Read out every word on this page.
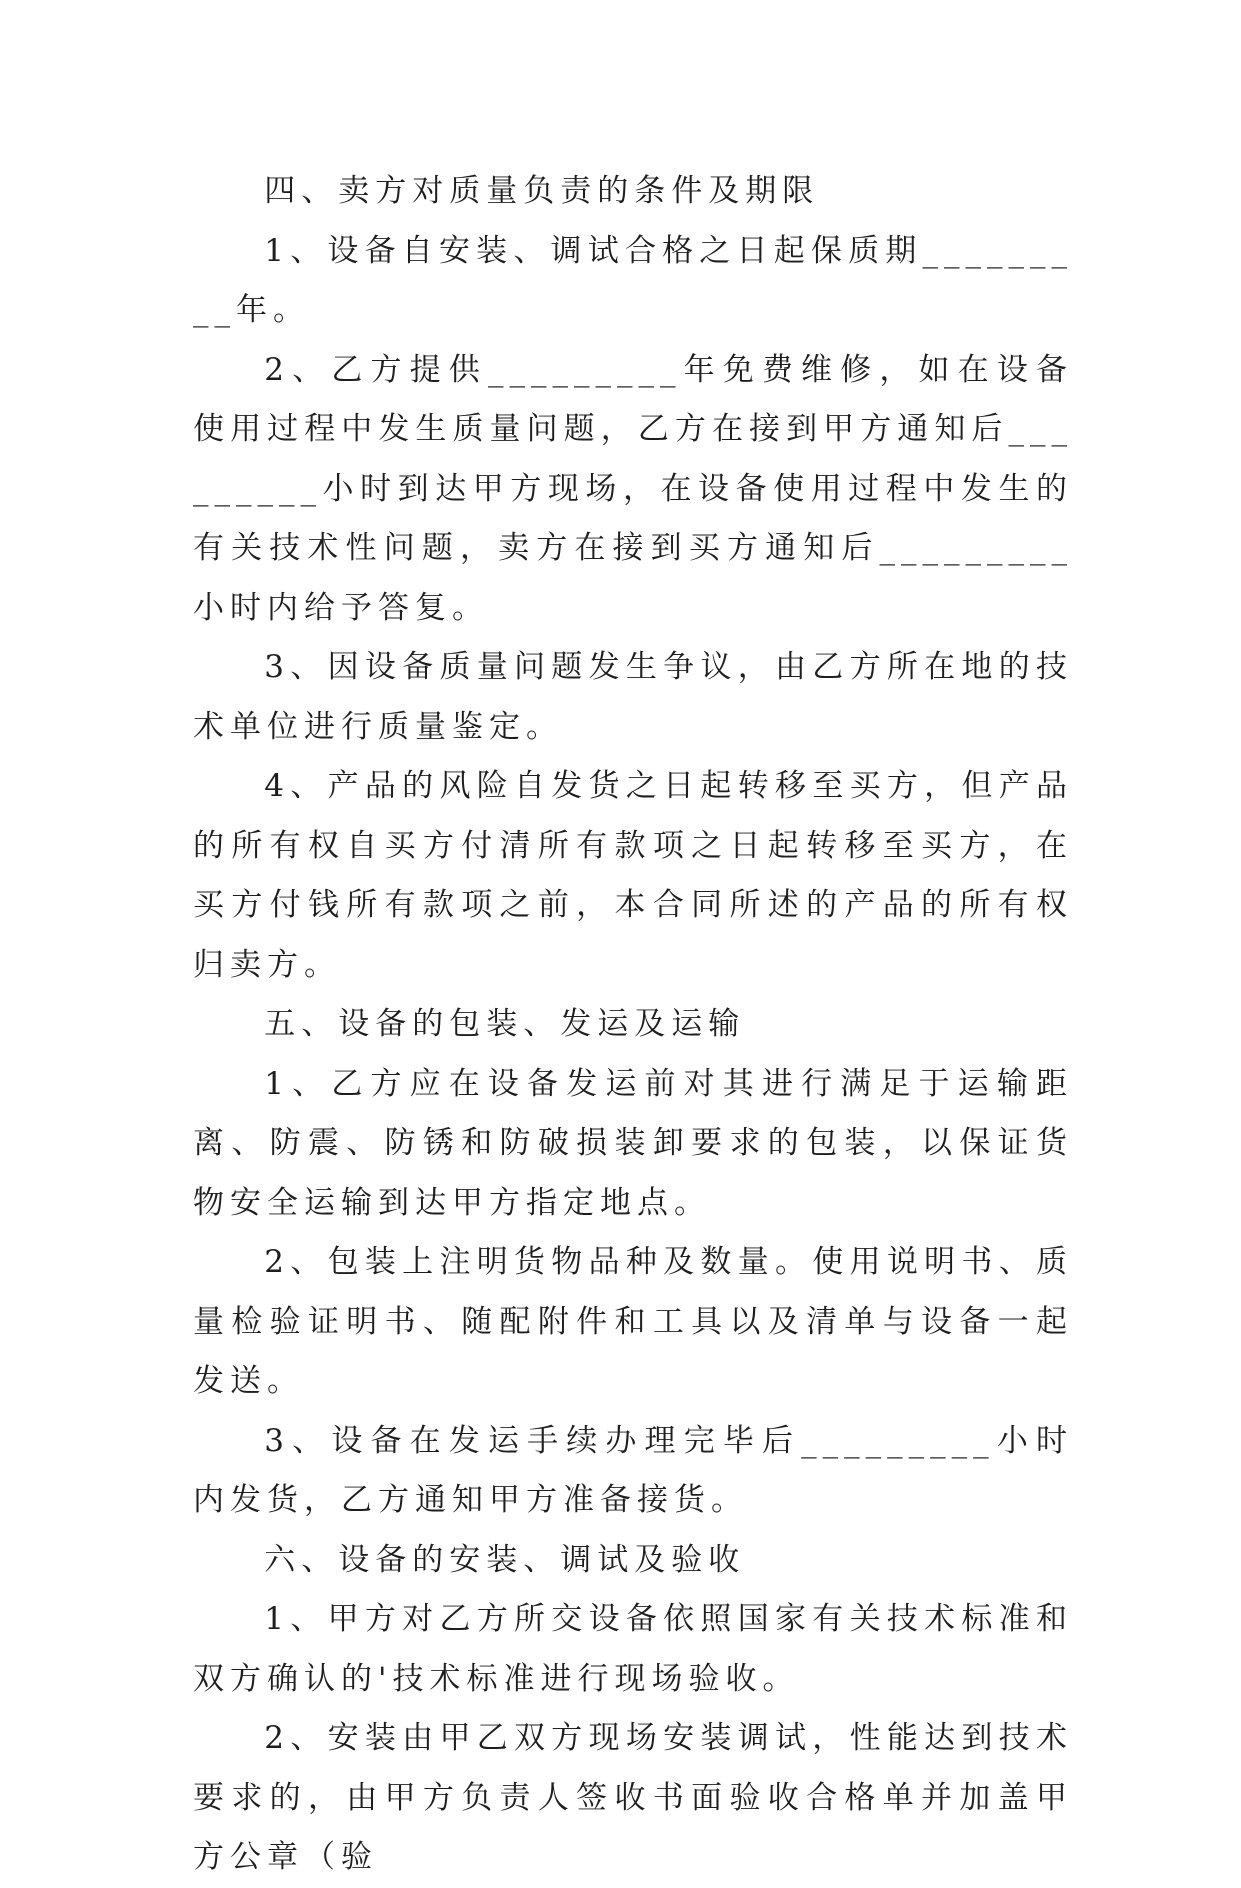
四、卖方对质量负责的条件及期限

1、设备自安装、调试合格之日起保质期_________年。

2、乙方提供_________年免费维修，如在设备使用过程中发生质量问题，乙方在接到甲方通知后_________小时到达甲方现场，在设备使用过程中发生的有关技术性问题，卖方在接到买方通知后_________小时内给予答复。

3、因设备质量问题发生争议，由乙方所在地的技术单位进行质量鉴定。

4、产品的风险自发货之日起转移至买方，但产品的所有权自买方付清所有款项之日起转移至买方，在买方付钱所有款项之前，本合同所述的产品的所有权归卖方。

五、设备的包装、发运及运输

1、乙方应在设备发运前对其进行满足于运输距离、防震、防锈和防破损装卸要求的包装，以保证货物安全运输到达甲方指定地点。

2、包装上注明货物品种及数量。使用说明书、质量检验证明书、随配附件和工具以及清单与设备一起发送。

3、设备在发运手续办理完毕后_________小时内发货，乙方通知甲方准备接货。

六、设备的安装、调试及验收

1、甲方对乙方所交设备依照国家有关技术标准和双方确认的'技术标准进行现场验收。

2、安装由甲乙双方现场安装调试，性能达到技术要求的，由甲方负责人签收书面验收合格单并加盖甲方公章（验
